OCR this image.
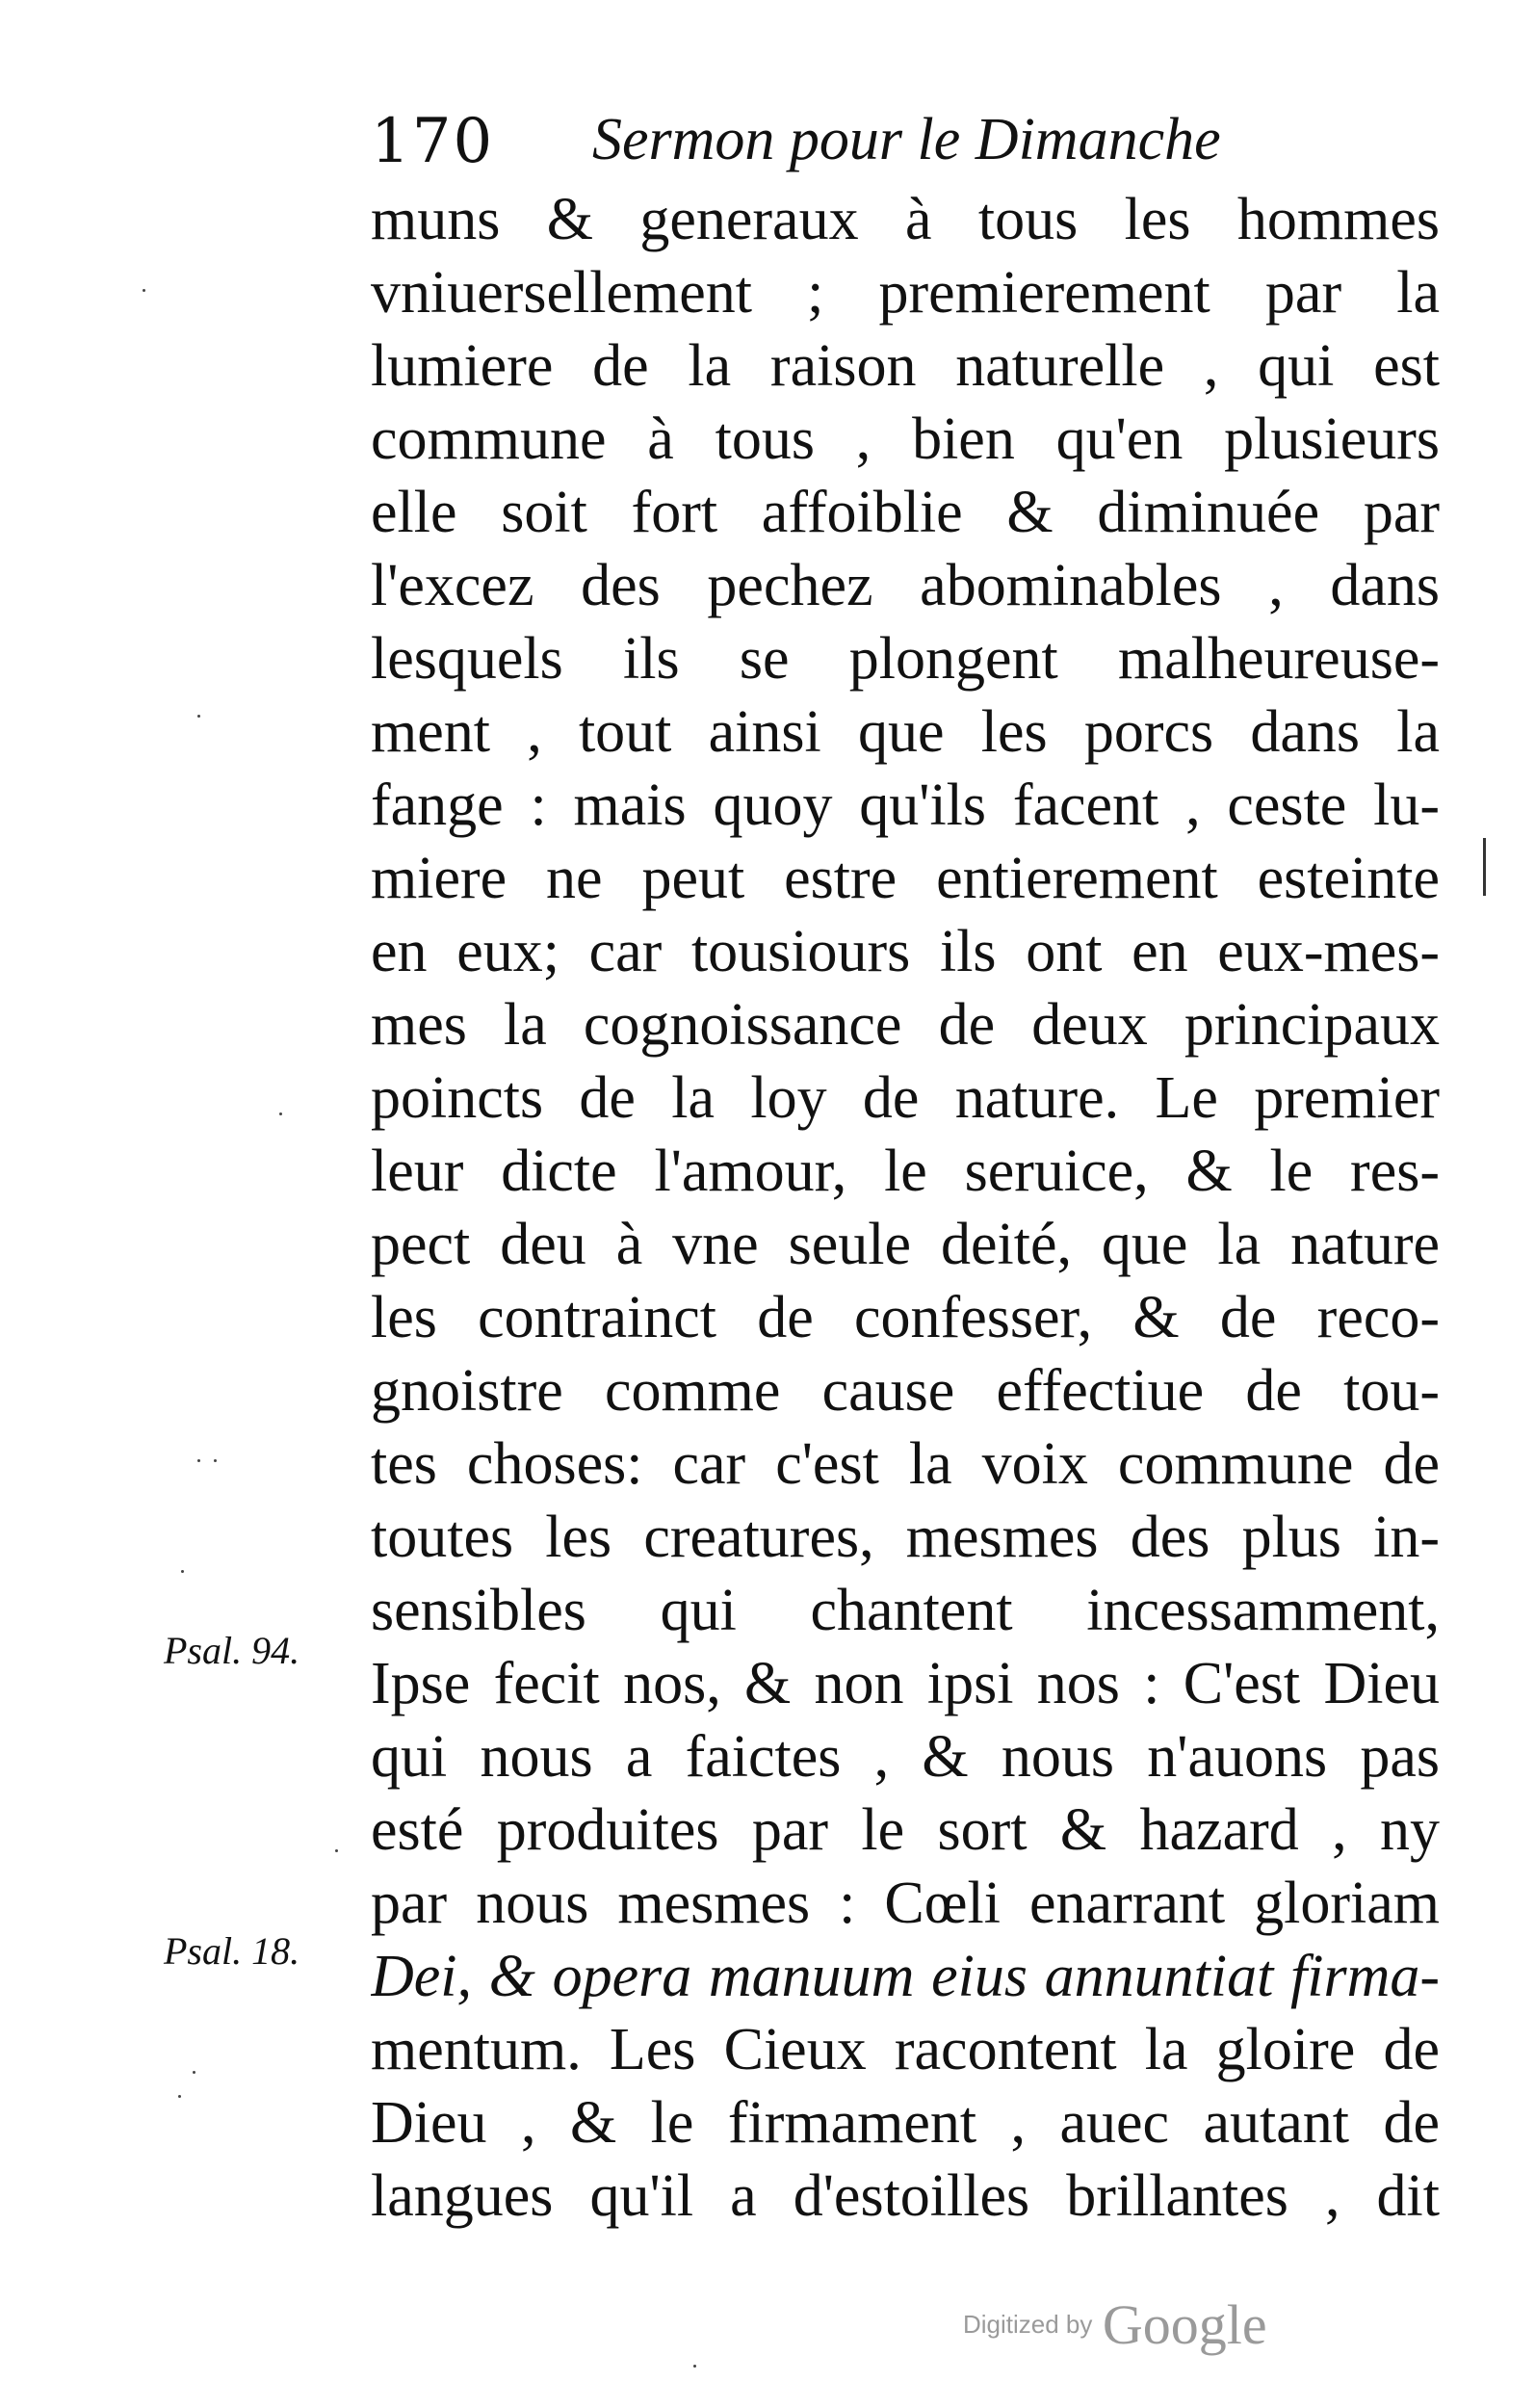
170 Sermon pour le Dimanche
muns & generaux à tous les hommes
vniuersellement ; premierement par la
lumiere de la raison naturelle , qui est
commune à tous , bien qu'en plusieurs
elle soit fort affoiblie & diminuée par
l'excez des pechez abominables , dans
lesquels ils se plongent malheureuse-
ment , tout ainsi que les porcs dans la
fange : mais quoy qu'ils facent , ceste lu-
miere ne peut estre entierement esteinte
en eux; car tousiours ils ont en eux-mes-
mes la cognoissance de deux principaux
poincts de la loy de nature. Le premier
leur dicte l'amour, le seruice, & le res-
pect deu à vne seule deité, que la nature
les contrainct de confesser, & de reco-
gnoistre comme cause effectiue de tou-
tes choses: car c'est la voix commune de
toutes les creatures, mesmes des plus in-
sensibles qui chantent incessamment,
Ipse fecit nos, & non ipsi nos : C'est Dieu
qui nous a faictes , & nous n'auons pas
esté produites par le sort & hazard , ny
par nous mesmes : Cœli enarrant gloriam
Dei, & opera manuum eius annuntiat firma-
mentum. Les Cieux racontent la gloire de
Dieu , & le firmament , auec autant de
langues qu'il a d'estoilles brillantes , dit
Psal. 94.
Psal. 18.
Digitized by Google
